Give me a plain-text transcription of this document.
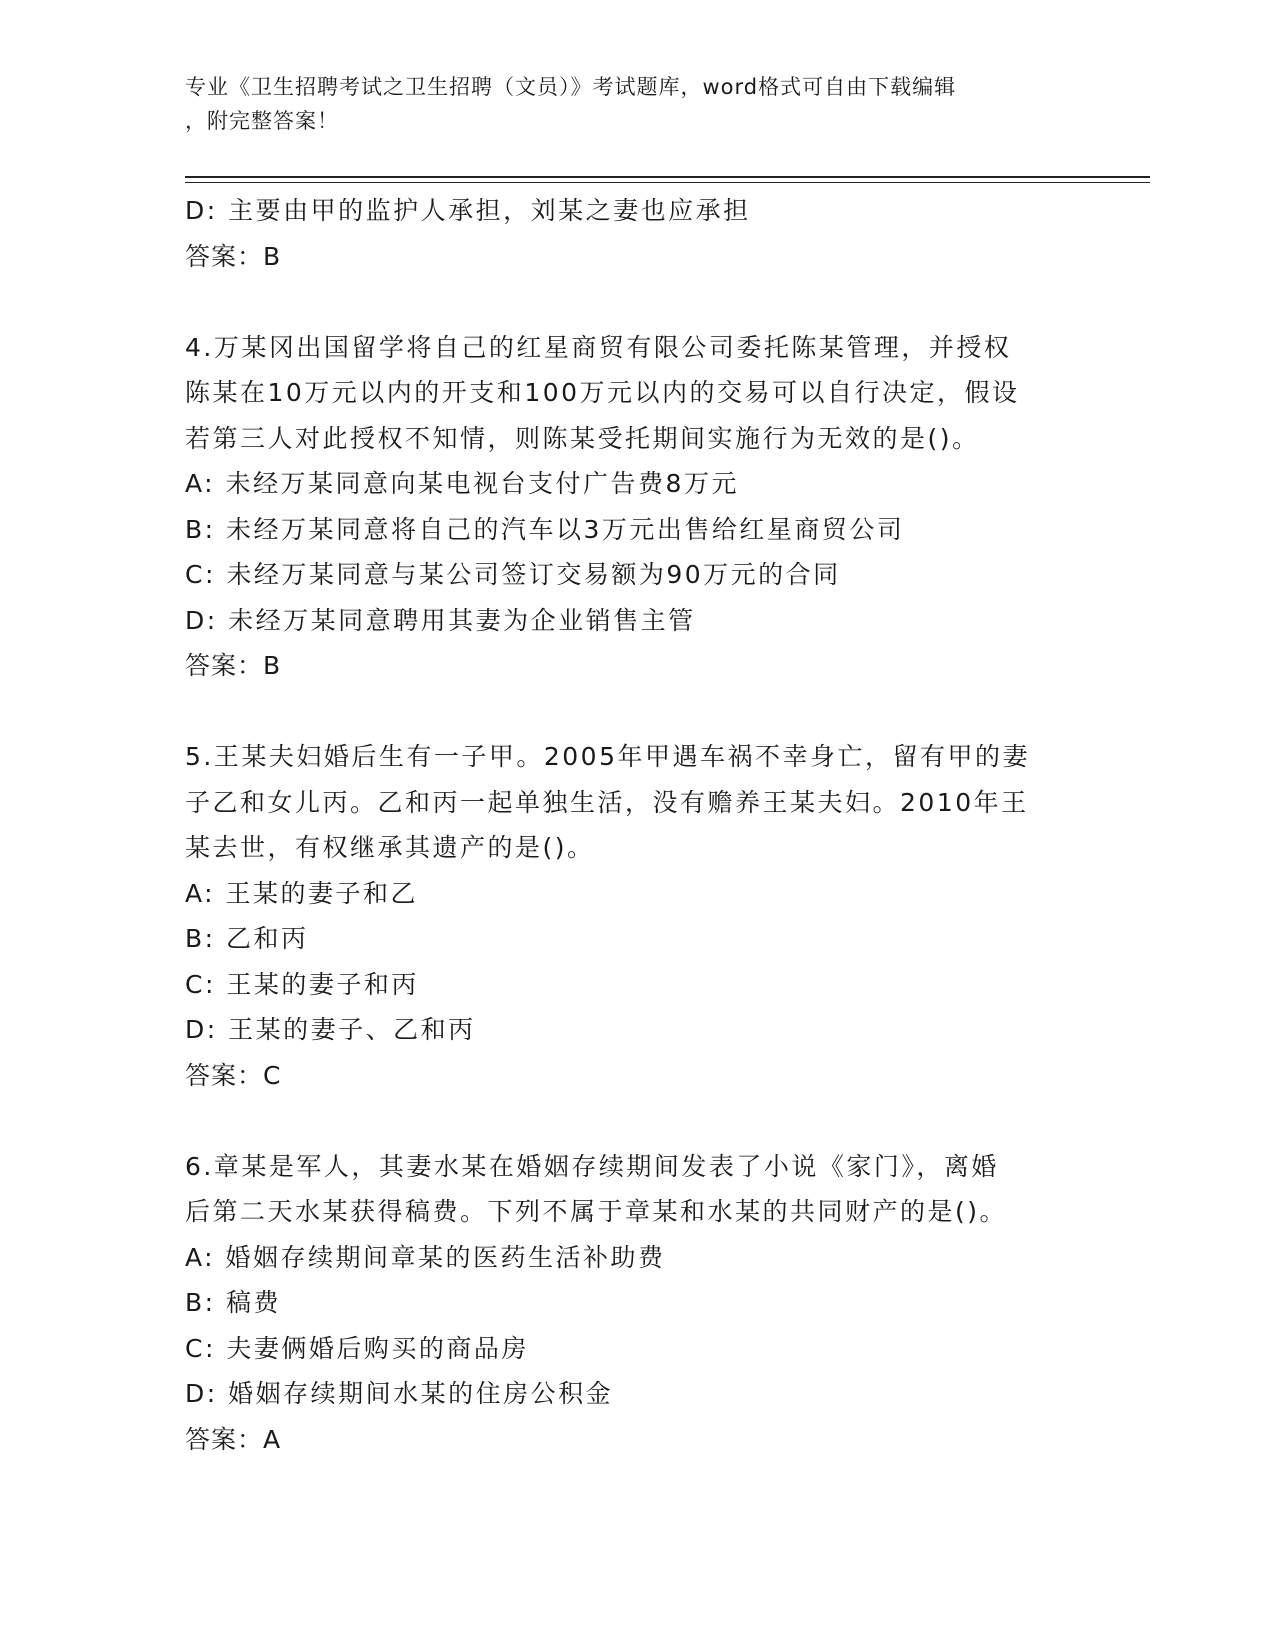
专业《卫生招聘考试之卫生招聘（文员）》考试题库，word格式可自由下载编辑
，附完整答案！
D: 主要由甲的监护人承担，刘某之妻也应承担
答案：B
4.万某冈出国留学将自己的红星商贸有限公司委托陈某管理，并授权
陈某在10万元以内的开支和100万元以内的交易可以自行决定，假设
若第三人对此授权不知情，则陈某受托期间实施行为无效的是()。
A: 未经万某同意向某电视台支付广告费8万元
B: 未经万某同意将自己的汽车以3万元出售给红星商贸公司
C: 未经万某同意与某公司签订交易额为90万元的合同
D: 未经万某同意聘用其妻为企业销售主管
答案：B
5.王某夫妇婚后生有一子甲。2005年甲遇车祸不幸身亡，留有甲的妻
子乙和女儿丙。乙和丙一起单独生活，没有赡养王某夫妇。2010年王
某去世，有权继承其遗产的是()。
A: 王某的妻子和乙
B: 乙和丙
C: 王某的妻子和丙
D: 王某的妻子、乙和丙
答案：C
6.章某是军人，其妻水某在婚姻存续期间发表了小说《家门》，离婚
后第二天水某获得稿费。下列不属于章某和水某的共同财产的是()。
A: 婚姻存续期间章某的医药生活补助费
B: 稿费
C: 夫妻俩婚后购买的商品房
D: 婚姻存续期间水某的住房公积金
答案：A
